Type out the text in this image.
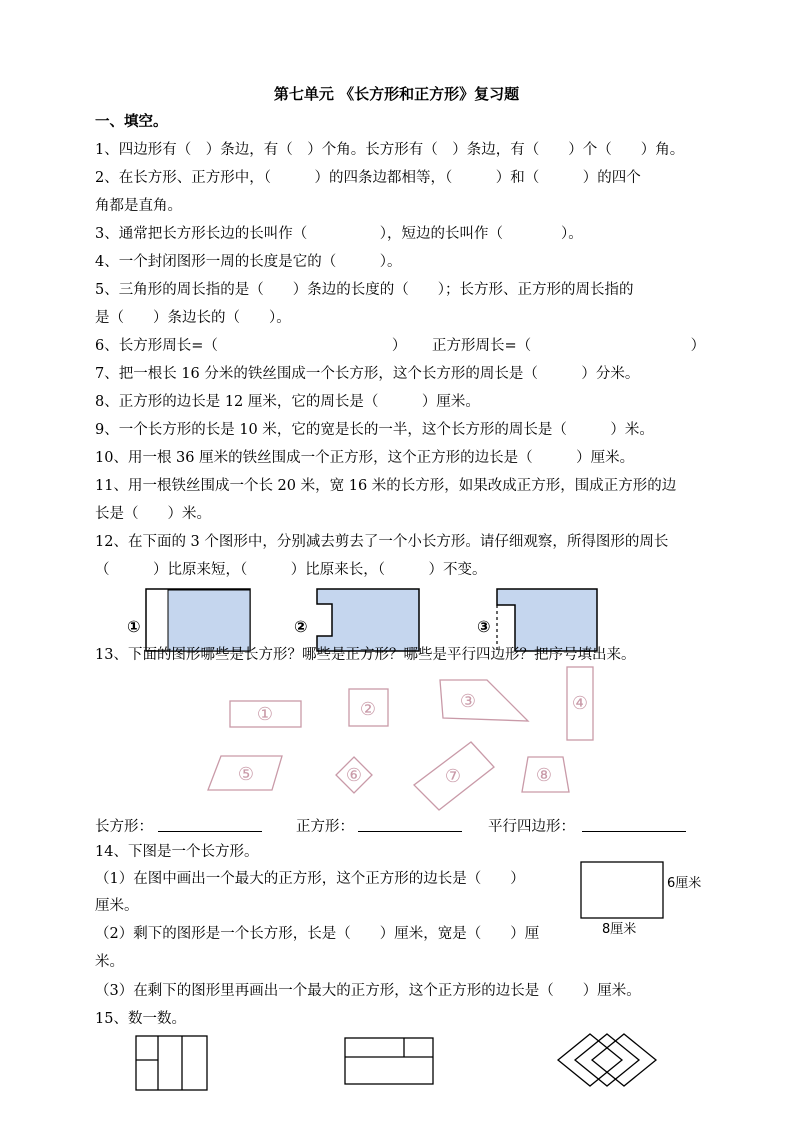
第七单元 《长方形和正方形》复习题
一、填空。
1、四边形有（　）条边，有（　）个角。长方形有（　）条边，有（　　）个（　　）角。
2、在长方形、正方形中，（　　　）的四条边都相等，（　　　）和（　　　）的四个
角都是直角。
3、通常把长方形长边的长叫作（　　　　　），短边的长叫作（　　　　）。
4、一个封闭图形一周的长度是它的（　　　）。
5、三角形的周长指的是（　　）条边的长度的（　　）；长方形、正方形的周长指的
是（　　）条边长的（　　）。
6、长方形周长=（　　　　　　　　　　　　） 正方形周长=（　　　　　　　　　　　）
7、把一根长 16 分米的铁丝围成一个长方形，这个长方形的周长是（　　　）分米。
8、正方形的边长是 12 厘米，它的周长是（　　　）厘米。
9、一个长方形的长是 10 米，它的宽是长的一半，这个长方形的周长是（　　　）米。
10、用一根 36 厘米的铁丝围成一个正方形，这个正方形的边长是（　　　）厘米。
11、用一根铁丝围成一个长 20 米，宽 16 米的长方形，如果改成正方形，围成正方形的边
长是（　　）米。
12、在下面的 3 个图形中，分别减去剪去了一个小长方形。请仔细观察，所得图形的周长
（　　　）比原来短，（　　　）比原来长，（　　　）不变。
①	②	③
13、下面的图形哪些是长方形？哪些是正方形？哪些是平行四边形？把序号填出来。
①	②	③	④
⑤	⑥	⑦	⑧
长方形：	正方形：	平行四边形：
14、下图是一个长方形。
（1）在图中画出一个最大的正方形，这个正方形的边长是（　　）
厘米。
（2）剩下的图形是一个长方形，长是（　　）厘米，宽是（　　）厘
米。
（3）在剩下的图形里再画出一个最大的正方形，这个正方形的边长是（　　）厘米。
6厘米
8厘米
15、数一数。
